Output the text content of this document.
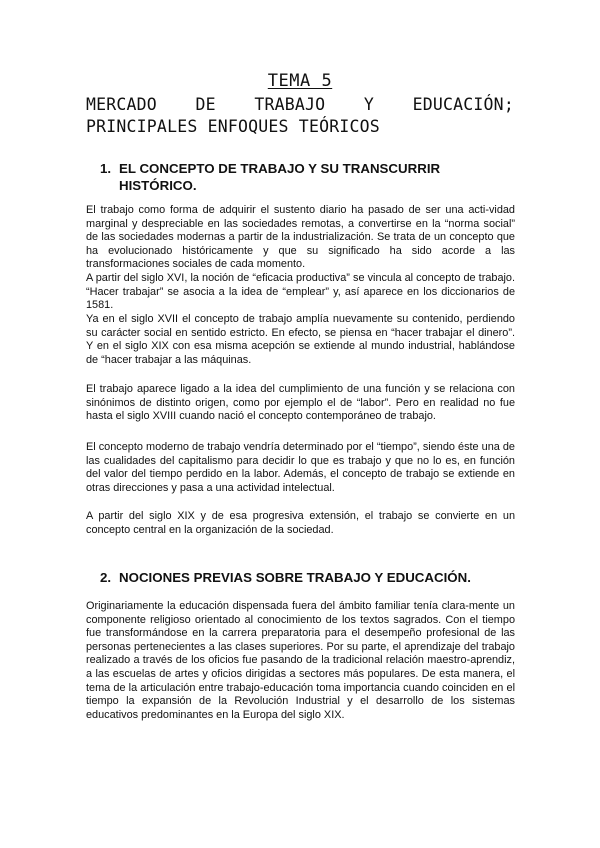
TEMA 5
MERCADO DE TRABAJO Y EDUCACIÓN;
PRINCIPALES ENFOQUES TEÓRICOS
1. EL CONCEPTO DE TRABAJO Y SU TRANSCURRIR HISTÓRICO.

El trabajo como forma de adquirir el sustento diario ha pasado de ser una acti-vidad marginal y despreciable en las sociedades remotas, a convertirse en la “norma social” de las sociedades modernas a partir de la industrialización. Se trata de un concepto que ha evolucionado históricamente y que su significado ha sido acorde a las transformaciones sociales de cada momento.

A partir del siglo XVI, la noción de “eficacia productiva” se vincula al concepto de trabajo. “Hacer trabajar” se asocia a la idea de “emplear” y, así aparece en los diccionarios de 1581.

Ya en el siglo XVII el concepto de trabajo amplía nuevamente su contenido, perdiendo su carácter social en sentido estricto. En efecto, se piensa en “hacer trabajar el dinero”. Y en el siglo XIX con esa misma acepción se extiende al mundo industrial, hablándose de “hacer trabajar a las máquinas.

El trabajo aparece ligado a la idea del cumplimiento de una función y se relaciona con sinónimos de distinto origen, como por ejemplo el de “labor”. Pero en realidad no fue hasta el siglo XVIII cuando nació el concepto contemporáneo de trabajo.

El concepto moderno de trabajo vendría determinado por el “tiempo”, siendo éste una de las cualidades del capitalismo para decidir lo que es trabajo y que no lo es, en función del valor del tiempo perdido en la labor. Además, el concepto de trabajo se extiende en otras direcciones y pasa a una actividad intelectual.

A partir del siglo XIX y de esa progresiva extensión, el trabajo se convierte en un concepto central en la organización de la sociedad.

2. NOCIONES PREVIAS SOBRE TRABAJO Y EDUCACIÓN.

Originariamente la educación dispensada fuera del ámbito familiar tenía clara-mente un componente religioso orientado al conocimiento de los textos sagrados. Con el tiempo fue transformándose en la carrera preparatoria para el desempeño profesional de las personas pertenecientes a las clases superiores. Por su parte, el aprendizaje del trabajo realizado a través de los oficios fue pasando de la tradicional relación maestro-aprendiz, a las escuelas de artes y oficios dirigidas a sectores más populares. De esta manera, el tema de la articulación entre trabajo-educación toma importancia cuando coinciden en el tiempo la expansión de la Revolución Industrial y el desarrollo de los sistemas educativos predominantes en la Europa del siglo XIX.
